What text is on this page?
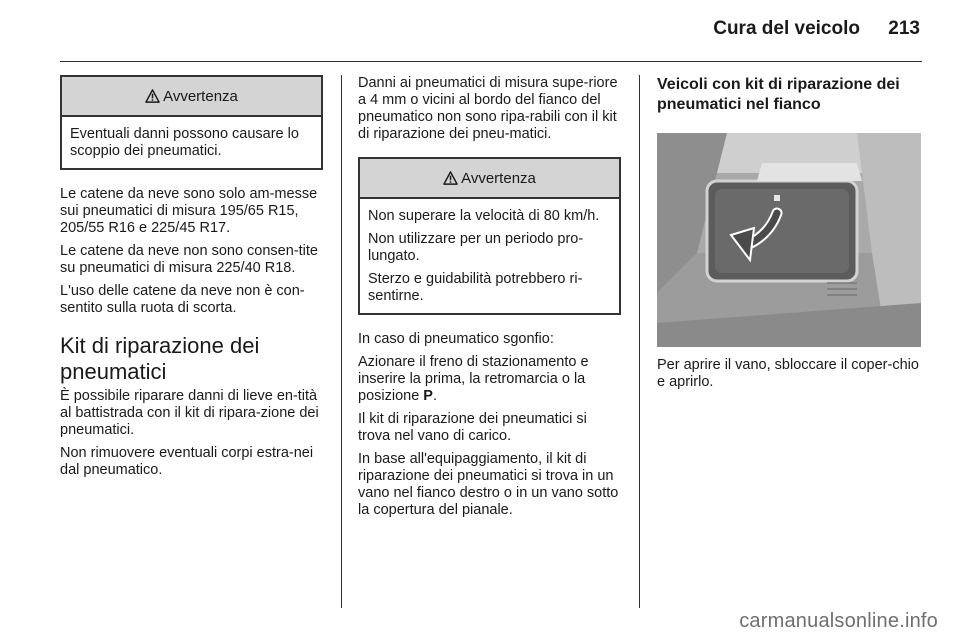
Cura del veicolo	213
Avvertenza

Eventuali danni possono causare lo scoppio dei pneumatici.

Le catene da neve sono solo am-messe sui pneumatici di misura 195/65 R15, 205/55 R16 e 225/45 R17.

Le catene da neve non sono consen-tite su pneumatici di misura 225/40 R18.

L'uso delle catene da neve non è con-sentito sulla ruota di scorta.

Kit di riparazione dei pneumatici

È possibile riparare danni di lieve en-tità al battistrada con il kit di ripara-zione dei pneumatici.

Non rimuovere eventuali corpi estra-nei dal pneumatico.

Danni ai pneumatici di misura supe-riore a 4 mm o vicini al bordo del fianco del pneumatico non sono ripa-rabili con il kit di riparazione dei pneu-matici.

Avvertenza

Non superare la velocità di 80 km/h.

Non utilizzare per un periodo pro-lungato.

Sterzo e guidabilità potrebbero ri-sentirne.

In caso di pneumatico sgonfio:

Azionare il freno di stazionamento e inserire la prima, la retromarcia o la posizione P.

Il kit di riparazione dei pneumatici si trova nel vano di carico.

In base all'equipaggiamento, il kit di riparazione dei pneumatici si trova in un vano nel fianco destro o in un vano sotto la copertura del pianale.

Veicoli con kit di riparazione dei pneumatici nel fianco

Per aprire il vano, sbloccare il coper-chio e aprirlo.

carmanualsonline.info
